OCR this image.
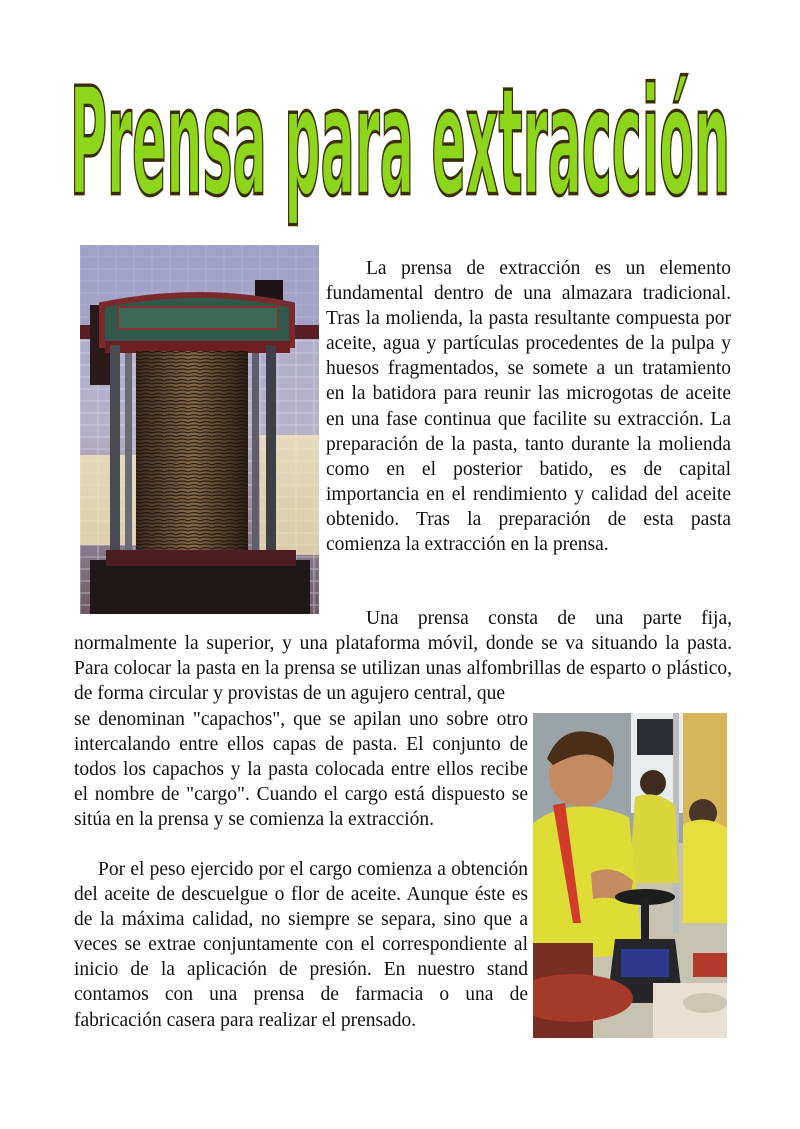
Prensa para extracción

La prensa de extracción es un elemento fundamental dentro de una almazara tradicional. Tras la molienda, la pasta resultante compuesta por aceite, agua y partículas procedentes de la pulpa y huesos fragmentados, se somete a un tratamiento en la batidora para reunir las microgotas de aceite en una fase continua que facilite su extracción. La preparación de la pasta, tanto durante la molienda como en el posterior batido, es de capital importancia en el rendimiento y calidad del aceite obtenido. Tras la preparación de esta pasta comienza la extracción en la prensa.

Una prensa consta de una parte fija, normalmente la superior, y una plataforma móvil, donde se va situando la pasta. Para colocar la pasta en la prensa se utilizan unas alfombrillas de esparto o plástico, de forma circular y provistas de un agujero central, que

se denominan "capachos", que se apilan uno sobre otro intercalando entre ellos capas de pasta. El conjunto de todos los capachos y la pasta colocada entre ellos recibe el nombre de "cargo". Cuando el cargo está dispuesto se sitúa en la prensa y se comienza la extracción.

Por el peso ejercido por el cargo comienza a obtención del aceite de descuelgue o flor de aceite. Aunque éste es de la máxima calidad, no siempre se separa, sino que a veces se extrae conjuntamente con el correspondiente al inicio de la aplicación de presión. En nuestro stand contamos con una prensa de farmacia o una de fabricación casera para realizar el prensado.
